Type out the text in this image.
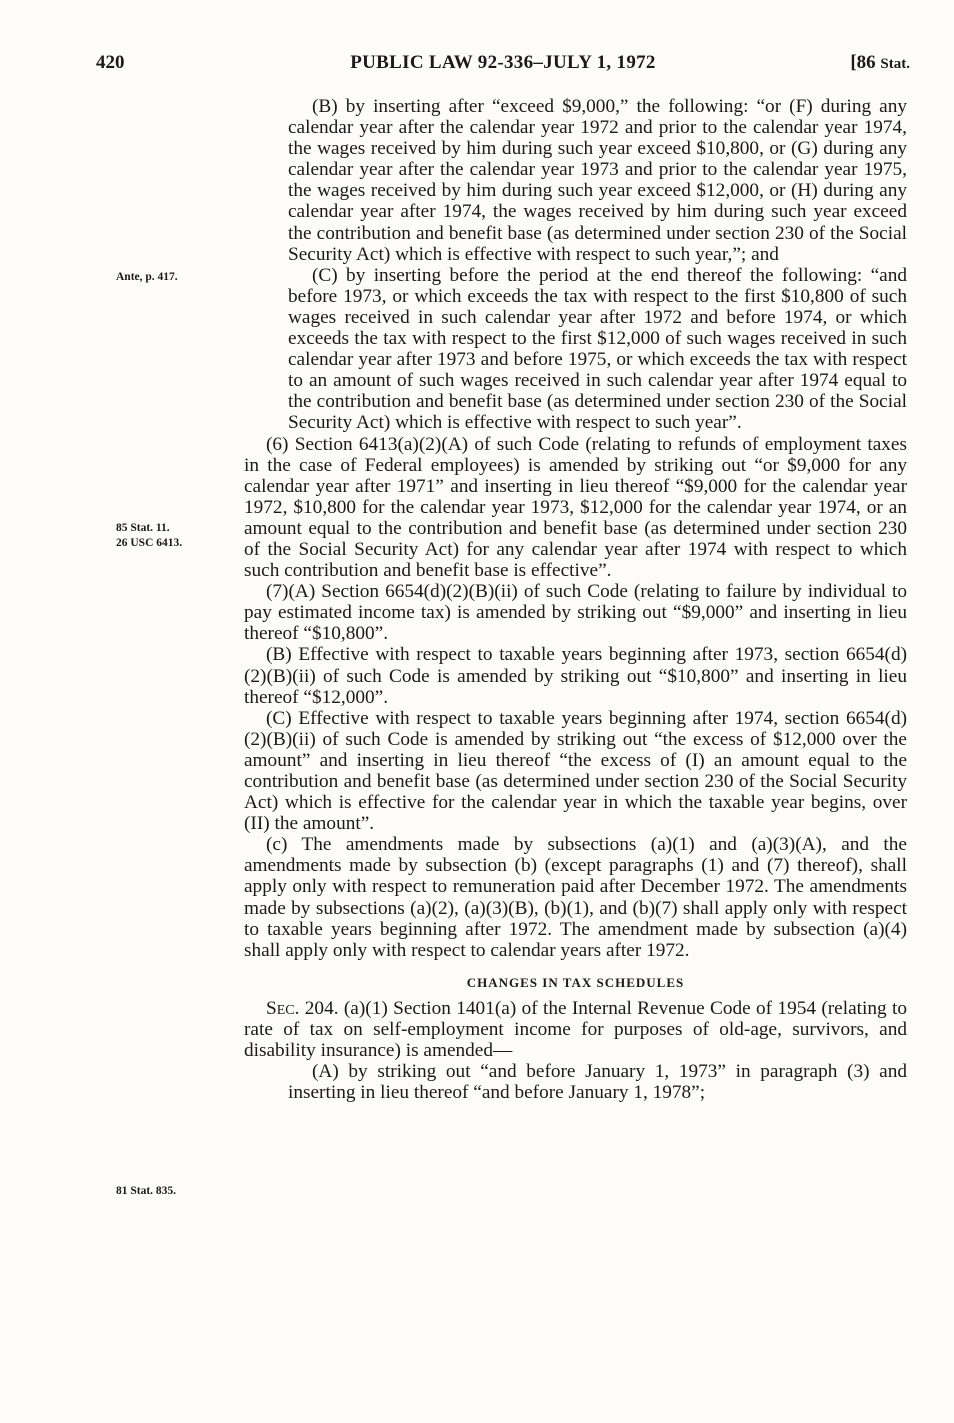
420	PUBLIC LAW 92-336–JULY 1, 1972	[86 Stat.
Ante, p. 417.
85 Stat. 11.
26 USC 6413.
81 Stat. 835.

(B) by inserting after “exceed $9,000,” the following: “or (F) during any calendar year after the calendar year 1972 and prior to the calendar year 1974, the wages received by him during such year exceed $10,800, or (G) during any calendar year after the calendar year 1973 and prior to the calendar year 1975, the wages received by him during such year exceed $12,000, or (H) during any calendar year after 1974, the wages received by him during such year exceed the contribution and benefit base (as determined under section 230 of the Social Security Act) which is effective with respect to such year,”; and

(C) by inserting before the period at the end thereof the following: “and before 1973, or which exceeds the tax with respect to the first $10,800 of such wages received in such calendar year after 1972 and before 1974, or which exceeds the tax with respect to the first $12,000 of such wages received in such calendar year after 1973 and before 1975, or which exceeds the tax with respect to an amount of such wages received in such calendar year after 1974 equal to the contribution and benefit base (as determined under section 230 of the Social Security Act) which is effective with respect to such year”.

(6) Section 6413(a)(2)(A) of such Code (relating to refunds of employment taxes in the case of Federal employees) is amended by striking out “or $9,000 for any calendar year after 1971” and inserting in lieu thereof “$9,000 for the calendar year 1972, $10,800 for the calendar year 1973, $12,000 for the calendar year 1974, or an amount equal to the contribution and benefit base (as determined under section 230 of the Social Security Act) for any calendar year after 1974 with respect to which such contribution and benefit base is effective”.

(7)(A) Section 6654(d)(2)(B)(ii) of such Code (relating to failure by individual to pay estimated income tax) is amended by striking out “$9,000” and inserting in lieu thereof “$10,800”.

(B) Effective with respect to taxable years beginning after 1973, section 6654(d)(2)(B)(ii) of such Code is amended by striking out “$10,800” and inserting in lieu thereof “$12,000”.

(C) Effective with respect to taxable years beginning after 1974, section 6654(d)(2)(B)(ii) of such Code is amended by striking out “the excess of $12,000 over the amount” and inserting in lieu thereof “the excess of (I) an amount equal to the contribution and benefit base (as determined under section 230 of the Social Security Act) which is effective for the calendar year in which the taxable year begins, over (II) the amount”.

(c) The amendments made by subsections (a)(1) and (a)(3)(A), and the amendments made by subsection (b) (except paragraphs (1) and (7) thereof), shall apply only with respect to remuneration paid after December 1972. The amendments made by subsections (a)(2), (a)(3)(B), (b)(1), and (b)(7) shall apply only with respect to taxable years beginning after 1972. The amendment made by subsection (a)(4) shall apply only with respect to calendar years after 1972.

CHANGES IN TAX SCHEDULES

Sec. 204. (a)(1) Section 1401(a) of the Internal Revenue Code of 1954 (relating to rate of tax on self-employment income for purposes of old-age, survivors, and disability insurance) is amended—

(A) by striking out “and before January 1, 1973” in paragraph (3) and inserting in lieu thereof “and before January 1, 1978”;
